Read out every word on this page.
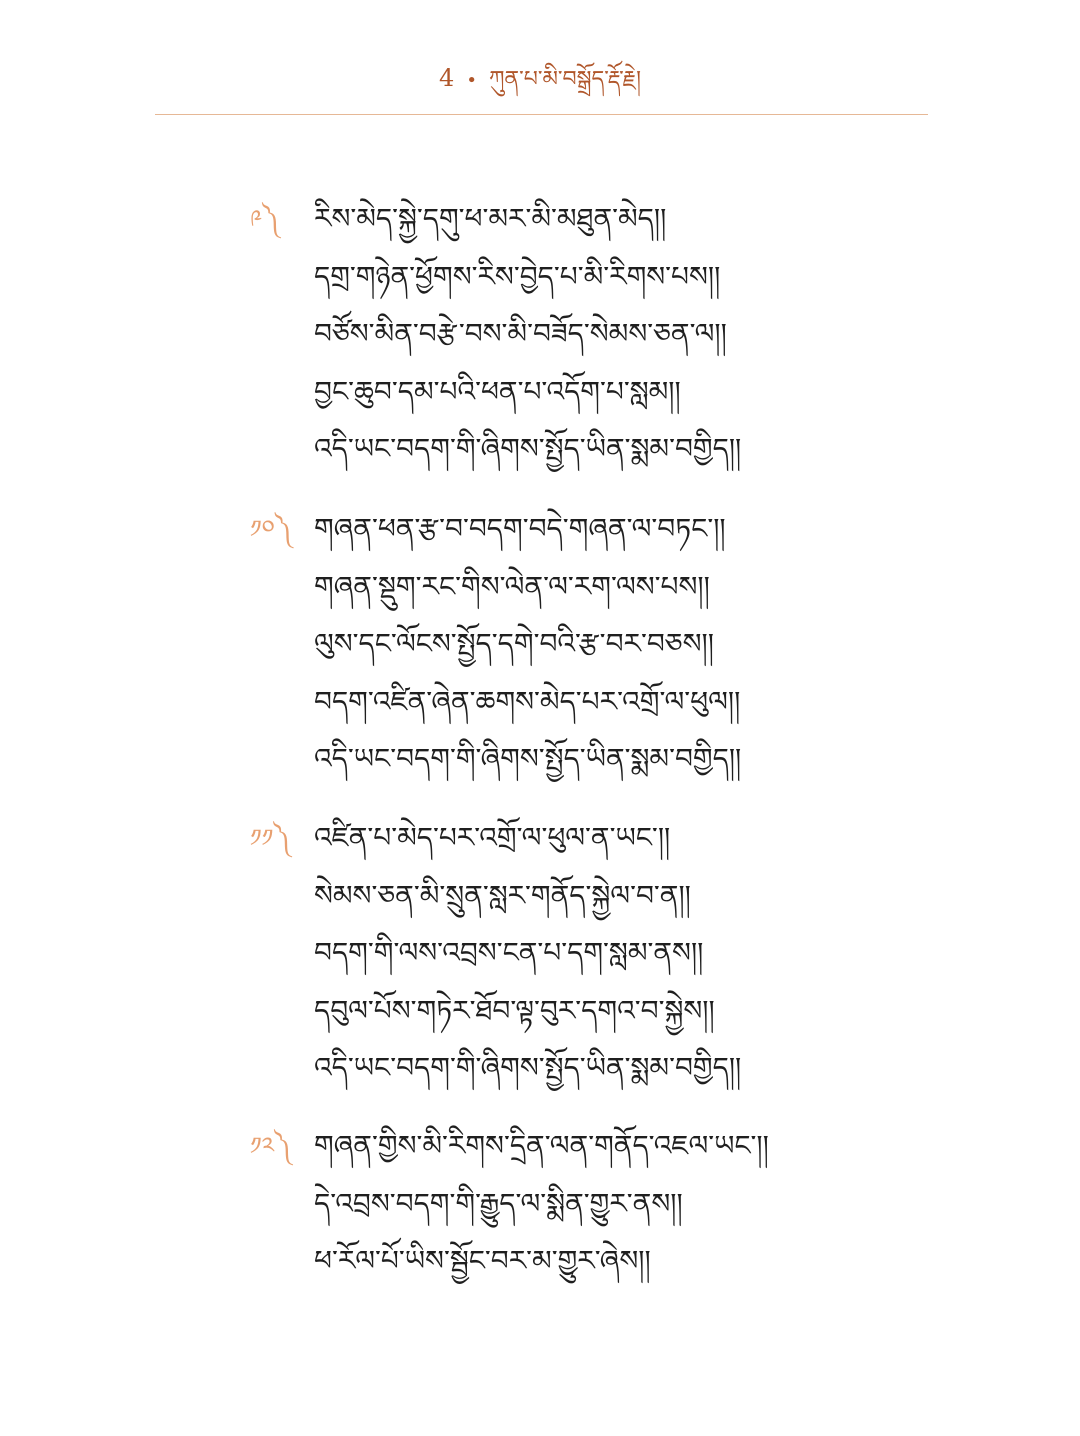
4 • ཀུན་པ་མི་བསྒྲོད་རྡོ་རྗེ།
༩༽	རིས་མེད་སྐྱེ་དགུ་ཕ་མར་མི་མཐུན་མེད།།
དགྲ་གཉེན་ཕྱོགས་རིས་བྱེད་པ་མི་རིགས་པས།།
བཙོས་མིན་བརྩེ་བས་མི་བཟོད་སེམས་ཅན་ལ།།
བྱང་ཆུབ་དམ་པའི་ཕན་པ་འདོག་པ་སླམ།།
འདི་ཡང་བདག་གི་ཞིགས་སྤྱོད་ཡིན་སྨམ་བགྱིད།།
༡༠༽ གཞན་ཕན་རྩ་བ་བདག་བདེ་གཞན་ལ་བཏང་།།
གཞན་སྡུག་རང་གིས་ལེན་ལ་རག་ལས་པས།།
ལུས་དང་ལོངས་སྤྱོད་དགེ་བའི་རྩ་བར་བཅས།།
བདག་འཛིན་ཞེན་ཆགས་མེད་པར་འགྲོ་ལ་ཕུལ།།
འདི་ཡང་བདག་གི་ཞིགས་སྤྱོད་ཡིན་སྨམ་བགྱིད།།
༡༡༽ འཛིན་པ་མེད་པར་འགྲོ་ལ་ཕུལ་ན་ཡང་།།
སེམས་ཅན་མི་སྲུན་སླར་གནོད་སྐྱེལ་བ་ན།།
བདག་གི་ལས་འབྲས་ངན་པ་དག་སླམ་ནས།།
དབུལ་པོས་གཏེར་ཐོབ་ལྟ་བུར་དགའ་བ་སྐྱེས།།
འདི་ཡང་བདག་གི་ཞིགས་སྤྱོད་ཡིན་སྨམ་བགྱིད།།
༡༢༽ གཞན་གྱིས་མི་རིགས་དྲིན་ལན་གནོད་འཇལ་ཡང་།།
དེ་འབྲས་བདག་གི་རྒྱུད་ལ་སྨིན་གྱུར་ནས།།
ཕ་རོལ་པོ་ཡིས་སྦྱོང་བར་མ་གྱུར་ཞེས།།
